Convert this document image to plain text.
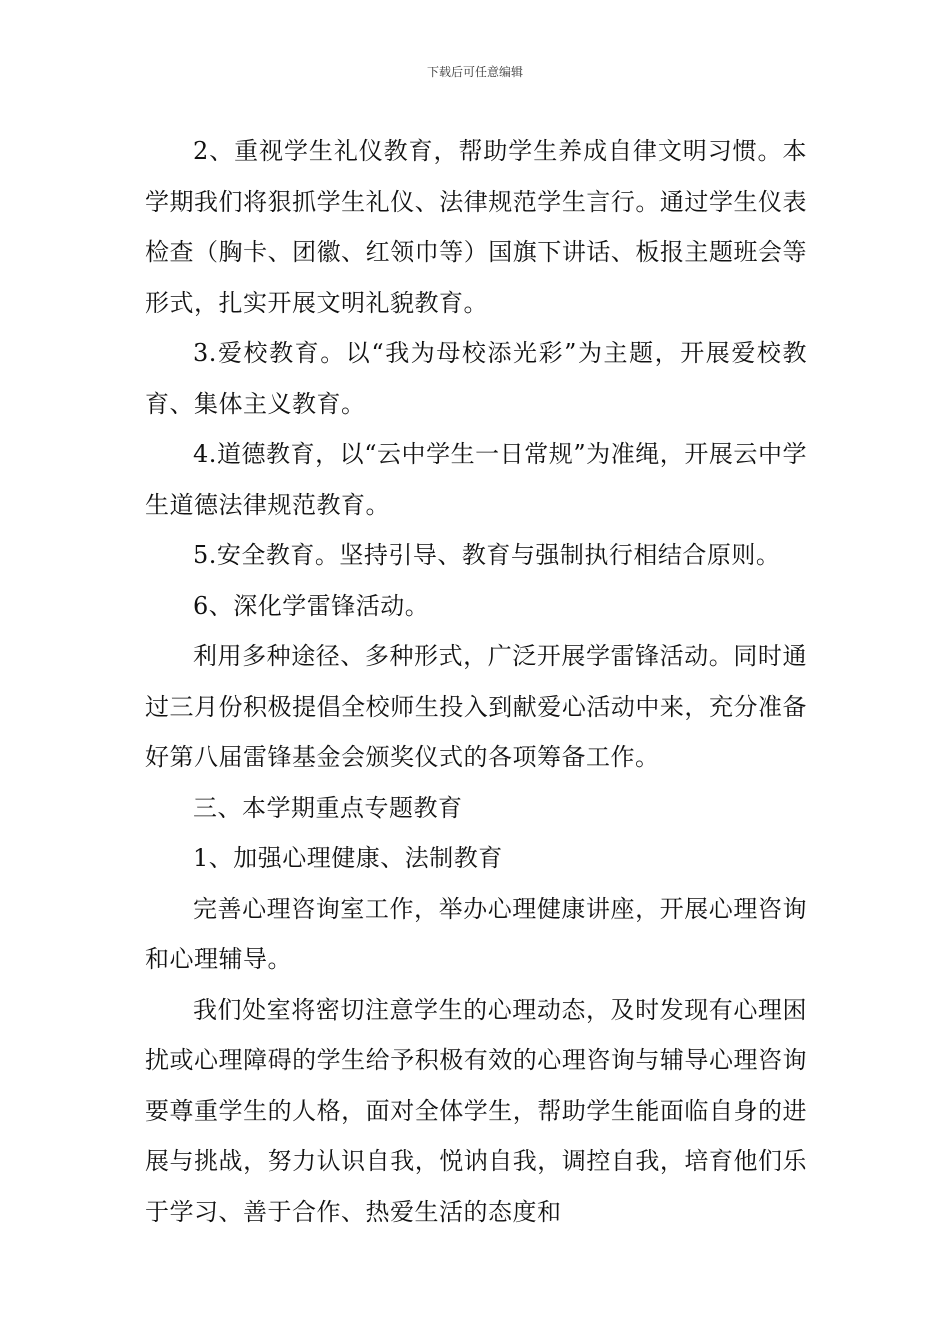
下载后可任意编辑

2、重视学生礼仪教育，帮助学生养成自律文明习惯。本学期我们将狠抓学生礼仪、法律规范学生言行。通过学生仪表检查（胸卡、团徽、红领巾等）国旗下讲话、板报主题班会等形式，扎实开展文明礼貌教育。

3.爱校教育。以“我为母校添光彩”为主题，开展爱校教育、集体主义教育。

4.道德教育，以“云中学生一日常规”为准绳，开展云中学生道德法律规范教育。

5.安全教育。坚持引导、教育与强制执行相结合原则。

6、深化学雷锋活动。

利用多种途径、多种形式，广泛开展学雷锋活动。同时通过三月份积极提倡全校师生投入到献爱心活动中来，充分准备好第八届雷锋基金会颁奖仪式的各项筹备工作。

三、本学期重点专题教育

1、加强心理健康、法制教育

完善心理咨询室工作，举办心理健康讲座，开展心理咨询和心理辅导。

我们处室将密切注意学生的心理动态，及时发现有心理困扰或心理障碍的学生给予积极有效的心理咨询与辅导心理咨询要尊重学生的人格，面对全体学生，帮助学生能面临自身的进展与挑战，努力认识自我，悦讷自我，调控自我，培育他们乐于学习、善于合作、热爱生活的态度和
